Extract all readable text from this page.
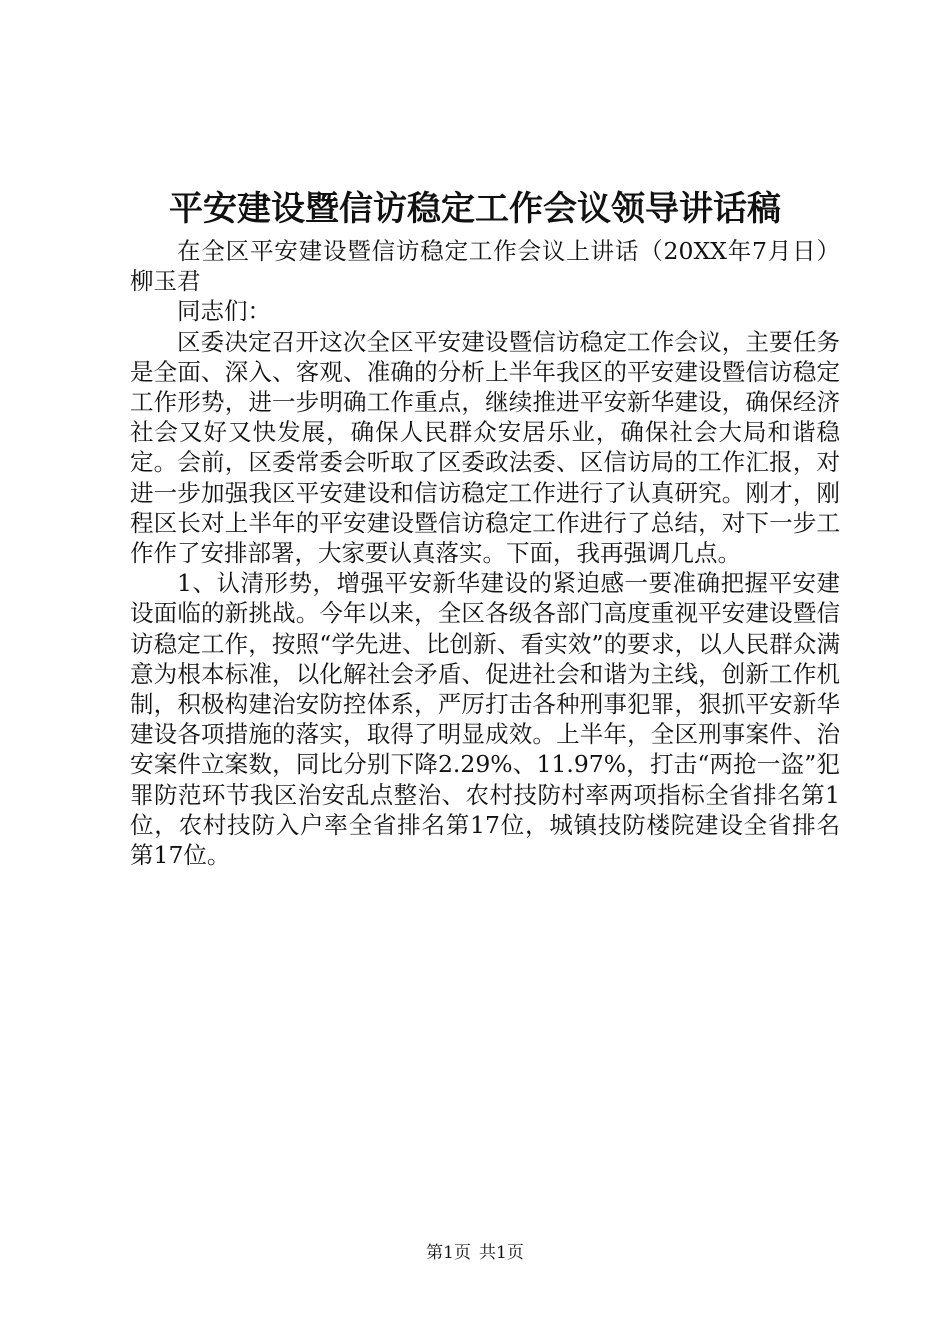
平安建设暨信访稳定工作会议领导讲话稿

在全区平安建设暨信访稳定工作会议上讲话（20XX年7月日）柳玉君

同志们：

区委决定召开这次全区平安建设暨信访稳定工作会议，主要任务是全面、深入、客观、准确的分析上半年我区的平安建设暨信访稳定工作形势，进一步明确工作重点，继续推进平安新华建设，确保经济社会又好又快发展，确保人民群众安居乐业，确保社会大局和谐稳定。会前，区委常委会听取了区委政法委、区信访局的工作汇报，对进一步加强我区平安建设和信访稳定工作进行了认真研究。刚才，刚程区长对上半年的平安建设暨信访稳定工作进行了总结，对下一步工作作了安排部署，大家要认真落实。下面，我再强调几点。

1、认清形势，增强平安新华建设的紧迫感一要准确把握平安建设面临的新挑战。今年以来，全区各级各部门高度重视平安建设暨信访稳定工作，按照“学先进、比创新、看实效”的要求，以人民群众满意为根本标准，以化解社会矛盾、促进社会和谐为主线，创新工作机制，积极构建治安防控体系，严厉打击各种刑事犯罪，狠抓平安新华建设各项措施的落实，取得了明显成效。上半年，全区刑事案件、治安案件立案数，同比分别下降2.29%、11.97%，打击“两抢一盗”犯罪防范环节我区治安乱点整治、农村技防村率两项指标全省排名第1位，农村技防入户率全省排名第17位，城镇技防楼院建设全省排名第17位。

第1页 共1页
